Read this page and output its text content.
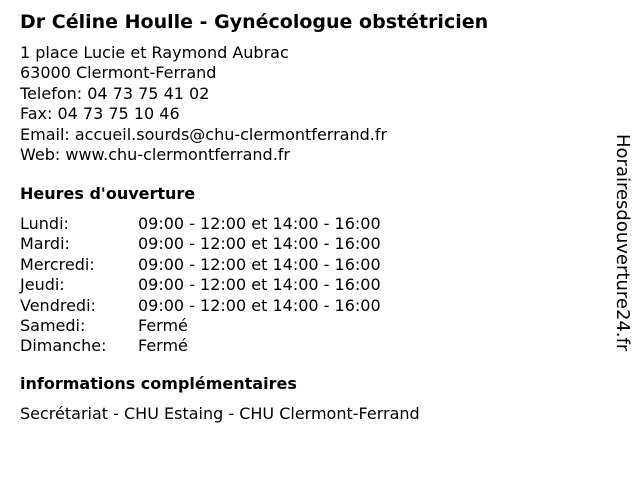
Dr Céline Houlle - Gynécologue obstétricien
1 place Lucie et Raymond Aubrac
63000 Clermont-Ferrand
Telefon: 04 73 75 41 02
Fax: 04 73 75 10 46
Email: accueil.sourds@chu-clermontferrand.fr
Web: www.chu-clermontferrand.fr
Heures d'ouverture
Lundi:	09:00 - 12:00 et 14:00 - 16:00
Mardi:	09:00 - 12:00 et 14:00 - 16:00
Mercredi:	09:00 - 12:00 et 14:00 - 16:00
Jeudi:	09:00 - 12:00 et 14:00 - 16:00
Vendredi:	09:00 - 12:00 et 14:00 - 16:00
Samedi:	Fermé
Dimanche: Fermé
informations complémentaires
Secrétariat - CHU Estaing - CHU Clermont-Ferrand
Horairesdouverture24.fr
